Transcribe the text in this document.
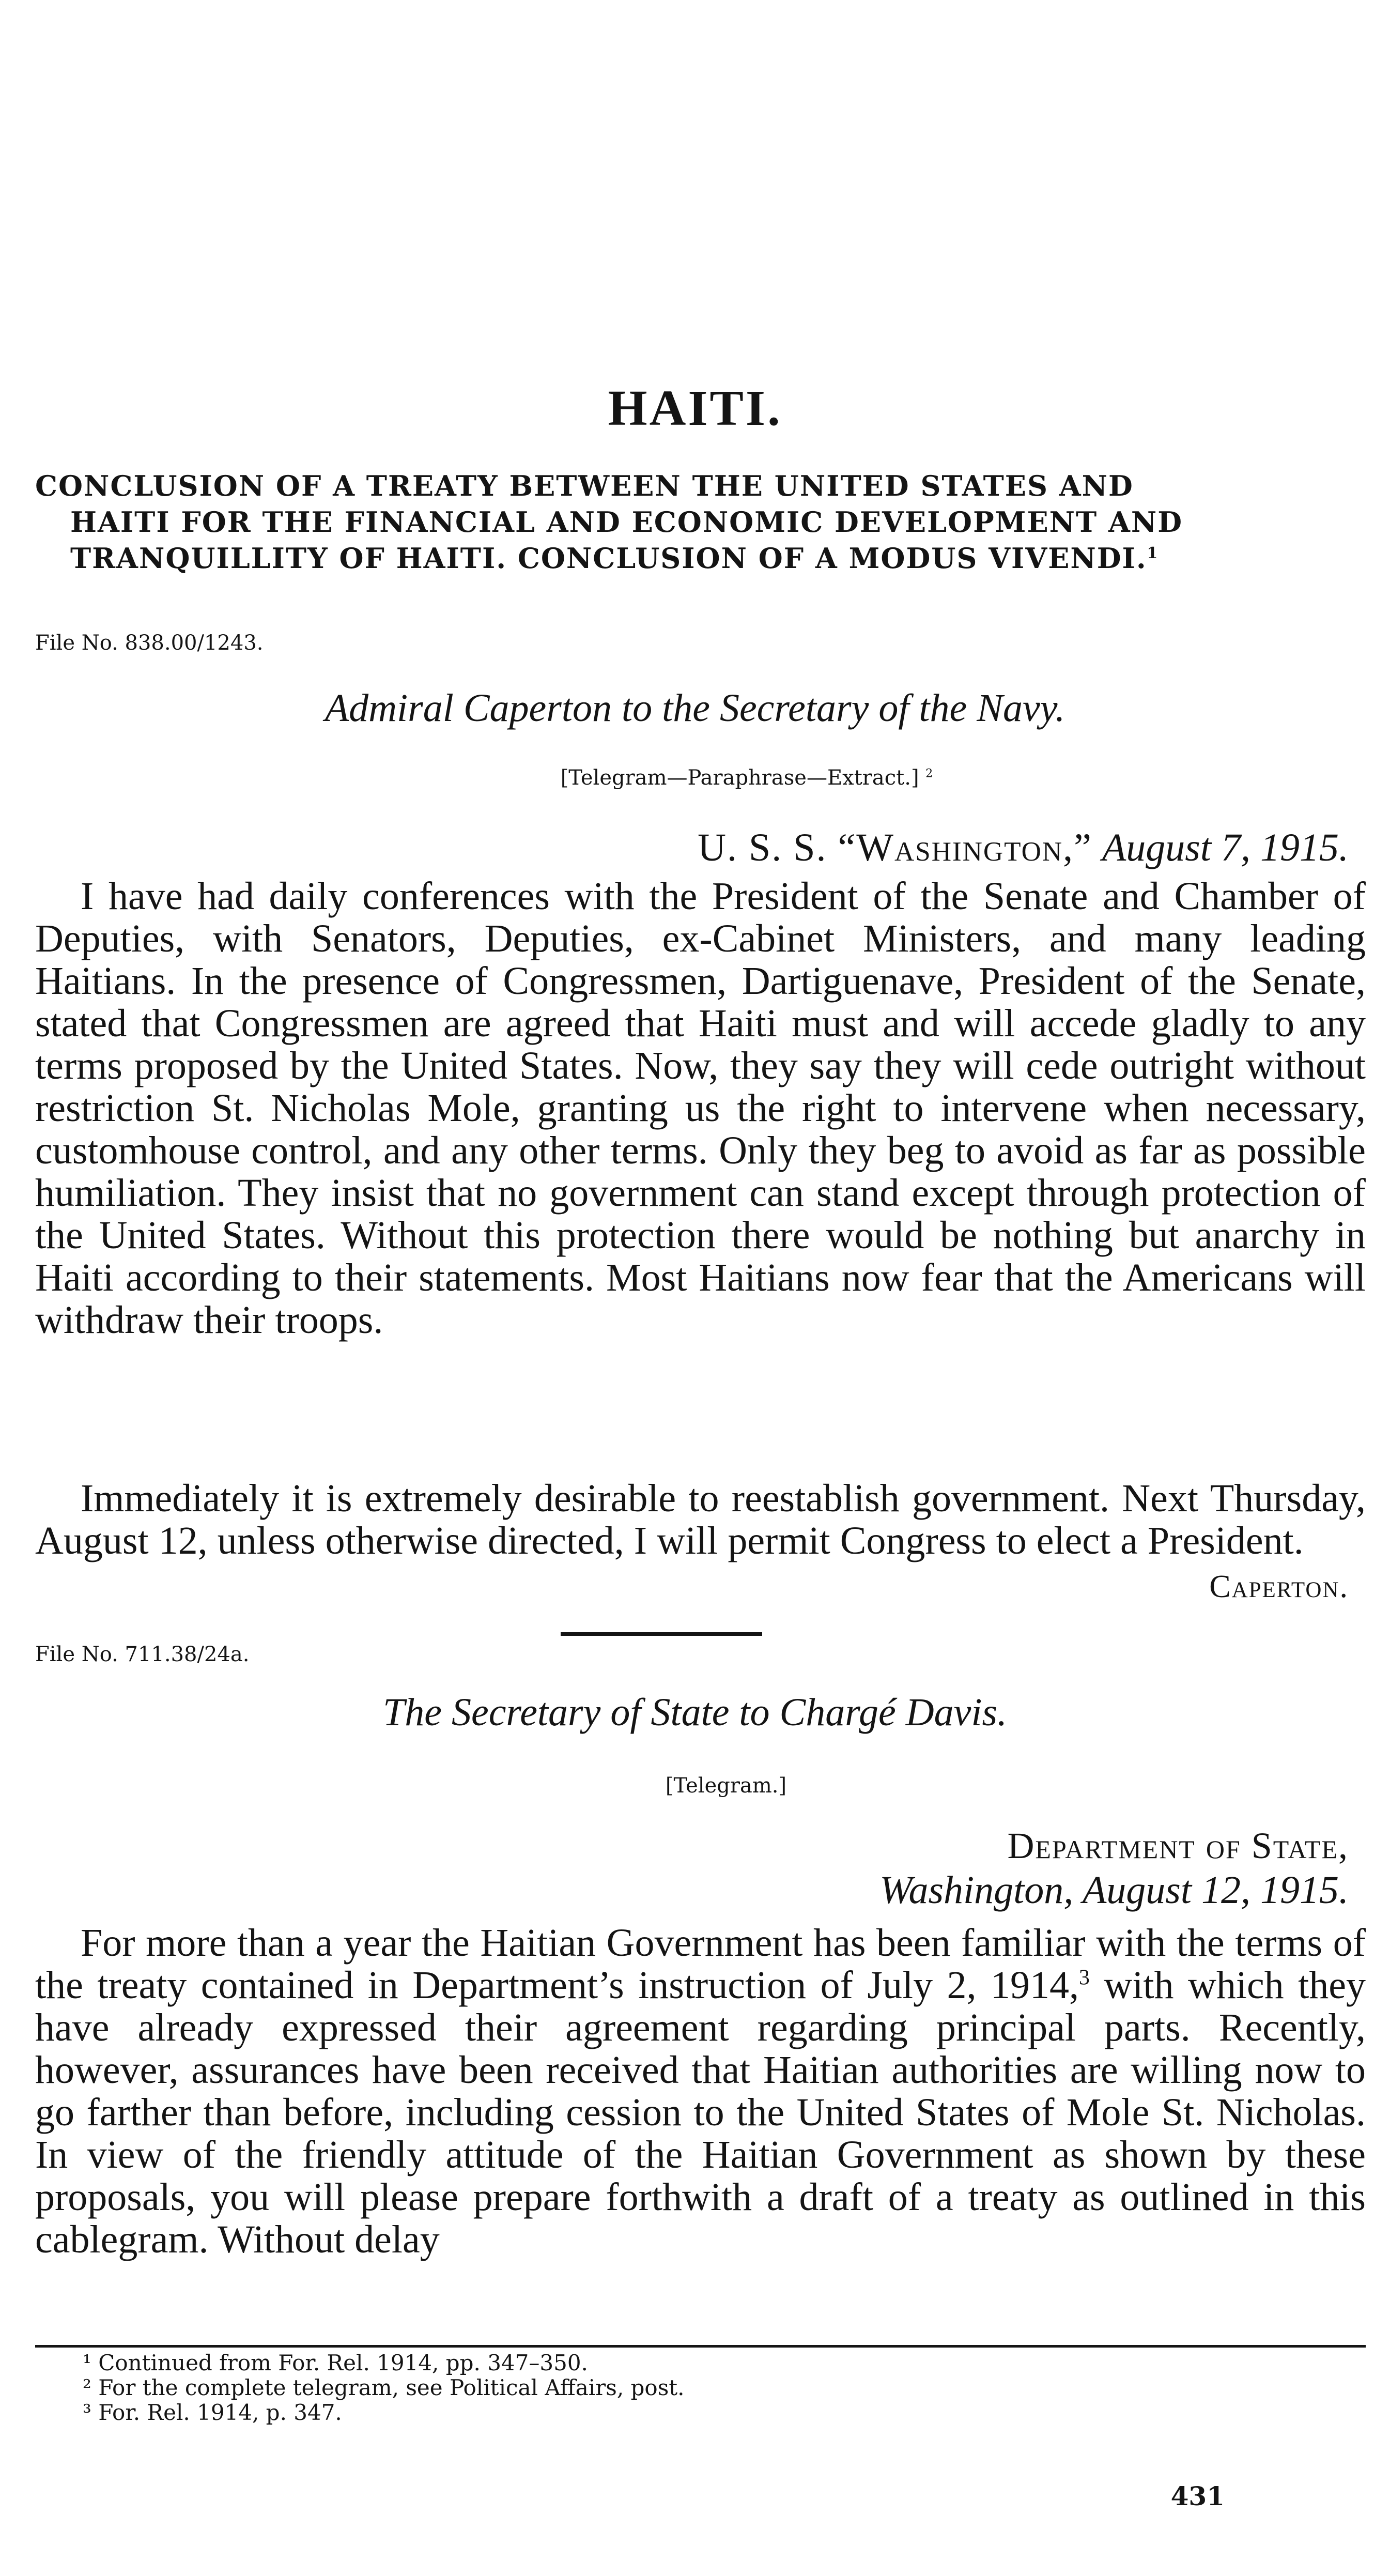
HAITI.
CONCLUSION OF A TREATY BETWEEN THE UNITED STATES AND
HAITI FOR THE FINANCIAL AND ECONOMIC DEVELOPMENT AND
TRANQUILLITY OF HAITI. CONCLUSION OF A MODUS VIVENDI.$^1$
File No. 838.00/1243.
Admiral Caperton to the Secretary of the Navy.
[Telegram—Paraphrase—Extract.] $^2$
U. S. S. “Washington,” August 7, 1915.

I have had daily conferences with the President of the Senate and Chamber of Deputies, with Senators, Deputies, ex-Cabinet Ministers, and many leading Haitians. In the presence of Congressmen, Dartiguenave, President of the Senate, stated that Congressmen are agreed that Haiti must and will accede gladly to any terms proposed by the United States. Now, they say they will cede outright without restriction St. Nicholas Mole, granting us the right to intervene when necessary, customhouse control, and any other terms. Only they beg to avoid as far as possible humiliation. They insist that no government can stand except through protection of the United States. Without this protection there would be nothing but anarchy in Haiti according to their statements. Most Haitians now fear that the Americans will withdraw their troops.

Immediately it is extremely desirable to reestablish government. Next Thursday, August 12, unless otherwise directed, I will permit Congress to elect a President.

Caperton.
File No. 711.38/24a.
The Secretary of State to Chargé Davis.
[Telegram.]
Department of State,
Washington, August 12, 1915.

For more than a year the Haitian Government has been familiar with the terms of the treaty contained in Department’s instruction of July 2, 1914,$^3$ with which they have already expressed their agreement regarding principal parts. Recently, however, assurances have been received that Haitian authorities are willing now to go farther than before, including cession to the United States of Mole St. Nicholas. In view of the friendly attitude of the Haitian Government as shown by these proposals, you will please prepare forthwith a draft of a treaty as outlined in this cablegram. Without delay

¹ Continued from For. Rel. 1914, pp. 347–350.
² For the complete telegram, see Political Affairs, post.
³ For. Rel. 1914, p. 347.
431
